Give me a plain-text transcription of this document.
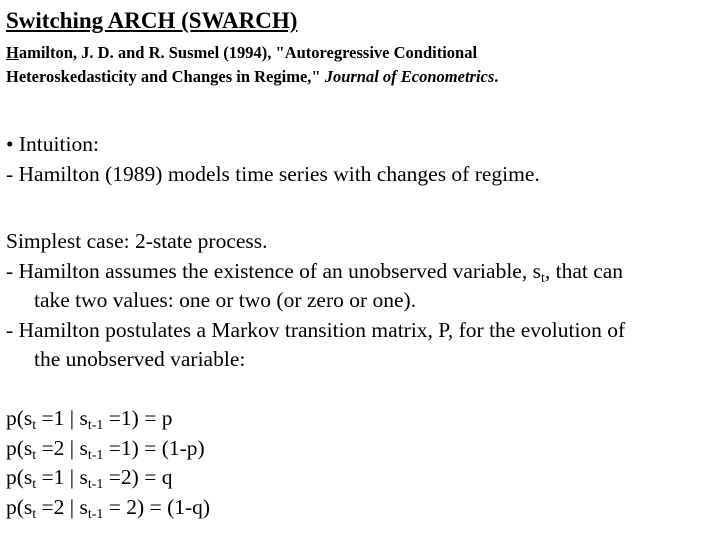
Switching ARCH (SWARCH)
Hamilton, J. D. and R. Susmel (1994), "Autoregressive Conditional
Heteroskedasticity and Changes in Regime," Journal of Econometrics.
• Intuition:
- Hamilton (1989) models time series with changes of regime.
Simplest case: 2-state process.
- Hamilton assumes the existence of an unobserved variable, $s_t$, that can
take two values: one or two (or zero or one).
- Hamilton postulates a Markov transition matrix, P, for the evolution of
the unobserved variable:
$p(s_t =1$ | $s_{t-1} =1) = p$
$p(s_t =2$ | $s_{t-1} =1) = (1-p)$
$p(s_t =1$ | $s_{t-1} =2) = q$
$p(s_t =2$ | $s_{t-1} = 2) = (1-q)$
